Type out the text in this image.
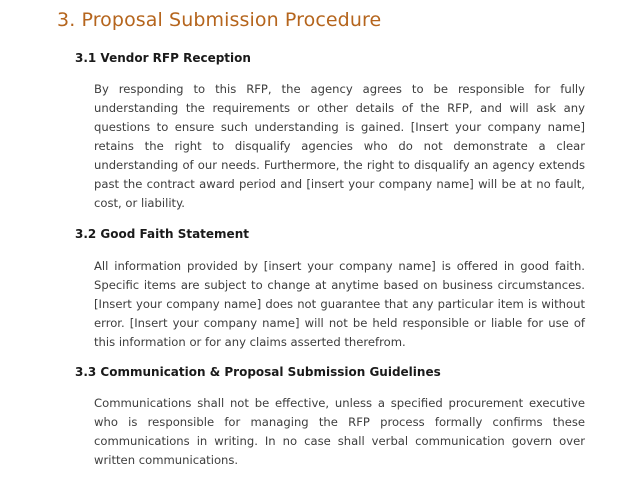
3. Proposal Submission Procedure
3.1 Vendor RFP Reception
By responding to this RFP, the agency agrees to be responsible for fully understanding the requirements or other details of the RFP, and will ask any questions to ensure such understanding is gained. [Insert your company name] retains the right to disqualify agencies who do not demonstrate a clear understanding of our needs. Furthermore, the right to disqualify an agency extends past the contract award period and [insert your company name] will be at no fault, cost, or liability.
3.2 Good Faith Statement
All information provided by [insert your company name] is offered in good faith. Specific items are subject to change at anytime based on business circumstances. [Insert your company name] does not guarantee that any particular item is without error. [Insert your company name] will not be held responsible or liable for use of this information or for any claims asserted therefrom.
3.3 Communication & Proposal Submission Guidelines
Communications shall not be effective, unless a specified procurement executive who is responsible for managing the RFP process formally confirms these communications in writing. In no case shall verbal communication govern over written communications.
